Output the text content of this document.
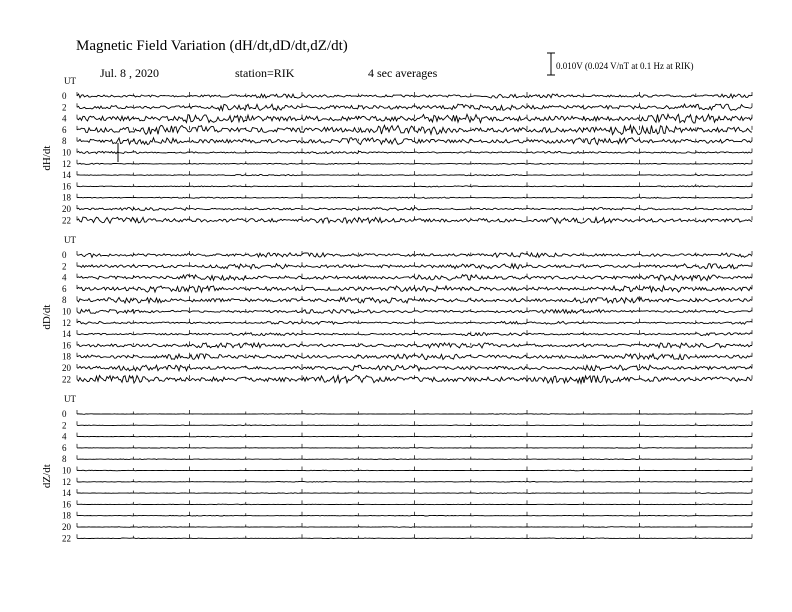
Magnetic Field Variation (dH/dt,dD/dt,dZ/dt)
Jul. 8 , 2020	station=RIK	4 sec averages	0.010V (0.024 V/nT at 0.1 Hz at RIK)
UT
dH/dt
0
2
4
6
8
10
12
14
16
18
20
22
UT
dD/dt
0
2
4
6
8
10
12
14
16
18
20
22
UT
dZ/dt
0
2
4
6
8
10
12
14
16
18
20
22
